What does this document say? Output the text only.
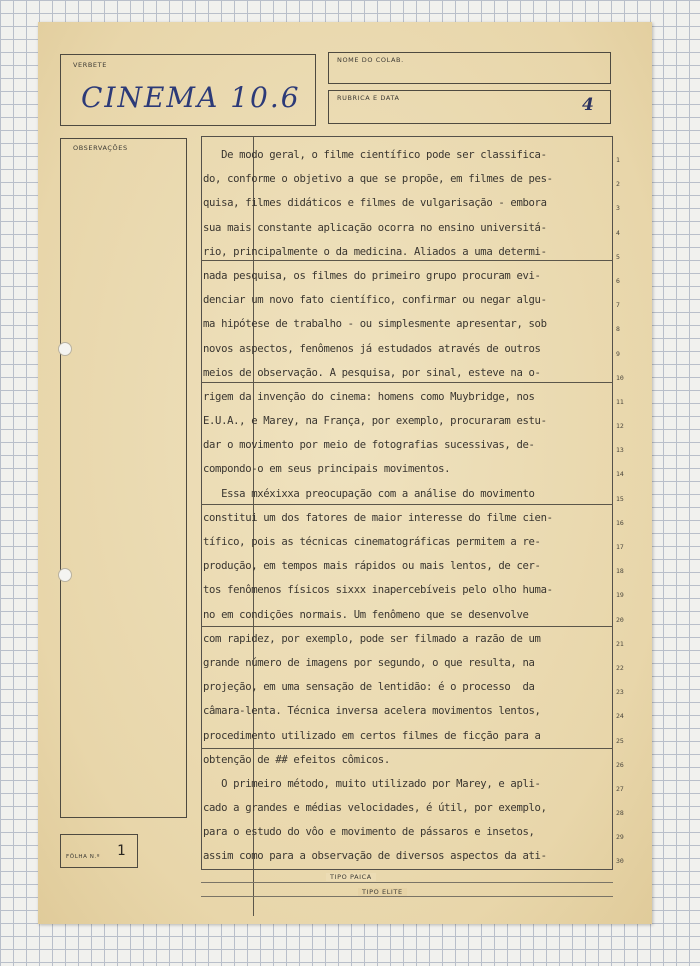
VERBETE
CINEMA 10.6
NOME DO COLAB.
RUBRICA E DATA	4
OBSERVAÇÕES
FÔLHA N.º 1
TIPO PAICA
TIPO ELITE
De modo geral, o filme científico pode ser classifica-
do, conforme o objetivo a que se propõe, em filmes de pes-
quisa, filmes didáticos e filmes de vulgarisação - embora
sua mais constante aplicação ocorra no ensino universitá-
rio, principalmente o da medicina. Aliados a uma determi-
nada pesquisa, os filmes do primeiro grupo procuram evi-
denciar um novo fato científico, confirmar ou negar algu-
ma hipótese de trabalho - ou simplesmente apresentar, sob
novos aspectos, fenômenos já estudados através de outros
meios de observação. A pesquisa, por sinal, esteve na o-
rigem da invenção do cinema: homens como Muybridge, nos
E.U.A., e Marey, na França, por exemplo, procuraram estu-
dar o movimento por meio de fotografias sucessivas, de-
compondo-o em seus principais movimentos.
Essa mxéxixxa preocupação com a análise do movimento
constitui um dos fatores de maior interesse do filme cien-
tífico, pois as técnicas cinematográficas permitem a re-
produção, em tempos mais rápidos ou mais lentos, de cer-
tos fenômenos físicos sixxx inapercebíveis pelo olho huma-
no em condições normais. Um fenômeno que se desenvolve
com rapidez, por exemplo, pode ser filmado a razão de um
grande número de imagens por segundo, o que resulta, na
projeção, em uma sensação de lentidão: é o processo  da
câmara-lenta. Técnica inversa acelera movimentos lentos,
procedimento utilizado em certos filmes de ficção para a
obtenção de ## efeitos cômicos.
O primeiro método, muito utilizado por Marey, e apli-
cado a grandes e médias velocidades, é útil, por exemplo,
para o estudo do vôo e movimento de pássaros e insetos,
assim como para a observação de diversos aspectos da ati-
1
2
3
4
5
6
7
8
9
10
11
12
13
14
15
16
17
18
19
20
21
22
23
24
25
26
27
28
29
30
